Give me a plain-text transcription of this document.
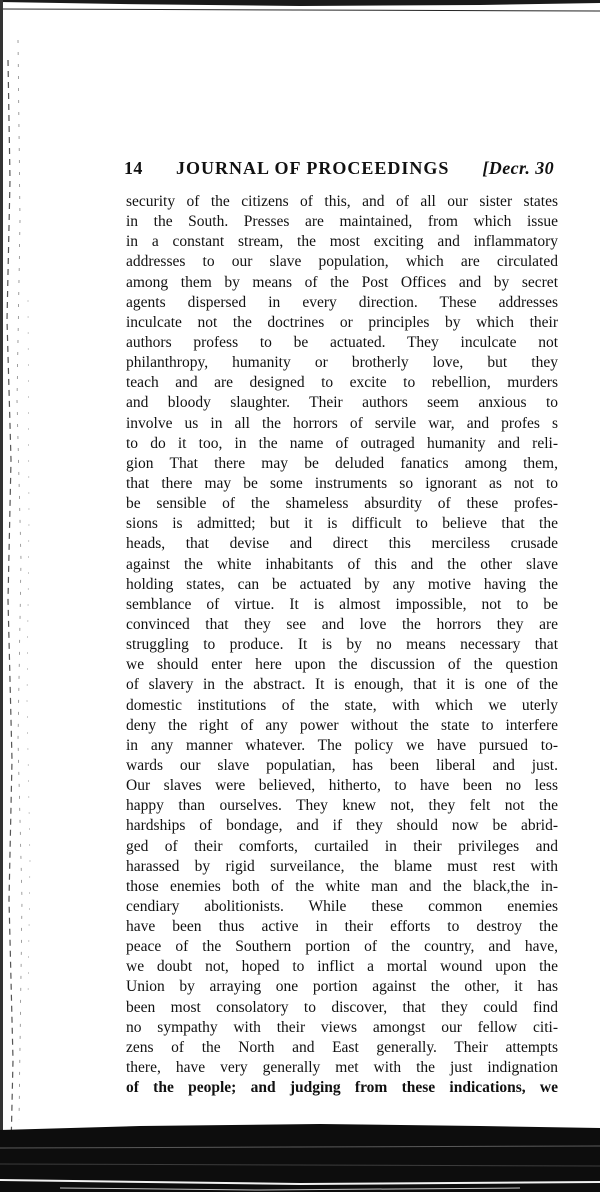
14 JOURNAL OF PROCEEDINGS [Decr. 30
security of the citizens of this, and of all our sister states
in the South. Presses are maintained, from which issue
in a constant stream, the most exciting and inflammatory
addresses to our slave population, which are circulated
among them by means of the Post Offices and by secret
agents dispersed in every direction. These addresses
inculcate not the doctrines or principles by which their
authors profess to be actuated. They inculcate not
philanthropy, humanity or brotherly love, but they
teach and are designed to excite to rebellion, murders
and bloody slaughter. Their authors seem anxious to
involve us in all the horrors of servile war, and profes s
to do it too, in the name of outraged humanity and reli-
gion That there may be deluded fanatics among them,
that there may be some instruments so ignorant as not to
be sensible of the shameless absurdity of these profes-
sions is admitted; but it is difficult to believe that the
heads, that devise and direct this merciless crusade
against the white inhabitants of this and the other slave
holding states, can be actuated by any motive having the
semblance of virtue. It is almost impossible, not to be
convinced that they see and love the horrors they are
struggling to produce. It is by no means necessary that
we should enter here upon the discussion of the question
of slavery in the abstract. It is enough, that it is one of the
domestic institutions of the state, with which we uterly
deny the right of any power without the state to interfere
in any manner whatever. The policy we have pursued to-
wards our slave populatian, has been liberal and just.
Our slaves were believed, hitherto, to have been no less
happy than ourselves. They knew not, they felt not the
hardships of bondage, and if they should now be abrid-
ged of their comforts, curtailed in their privileges and
harassed by rigid surveilance, the blame must rest with
those enemies both of the white man and the black,the in-
cendiary abolitionists. While these common enemies
have been thus active in their efforts to destroy the
peace of the Southern portion of the country, and have,
we doubt not, hoped to inflict a mortal wound upon the
Union by arraying one portion against the other, it has
been most consolatory to discover, that they could find
no sympathy with their views amongst our fellow citi-
zens of the North and East generally. Their attempts
there, have very generally met with the just indignation
of the people; and judging from these indications, we
